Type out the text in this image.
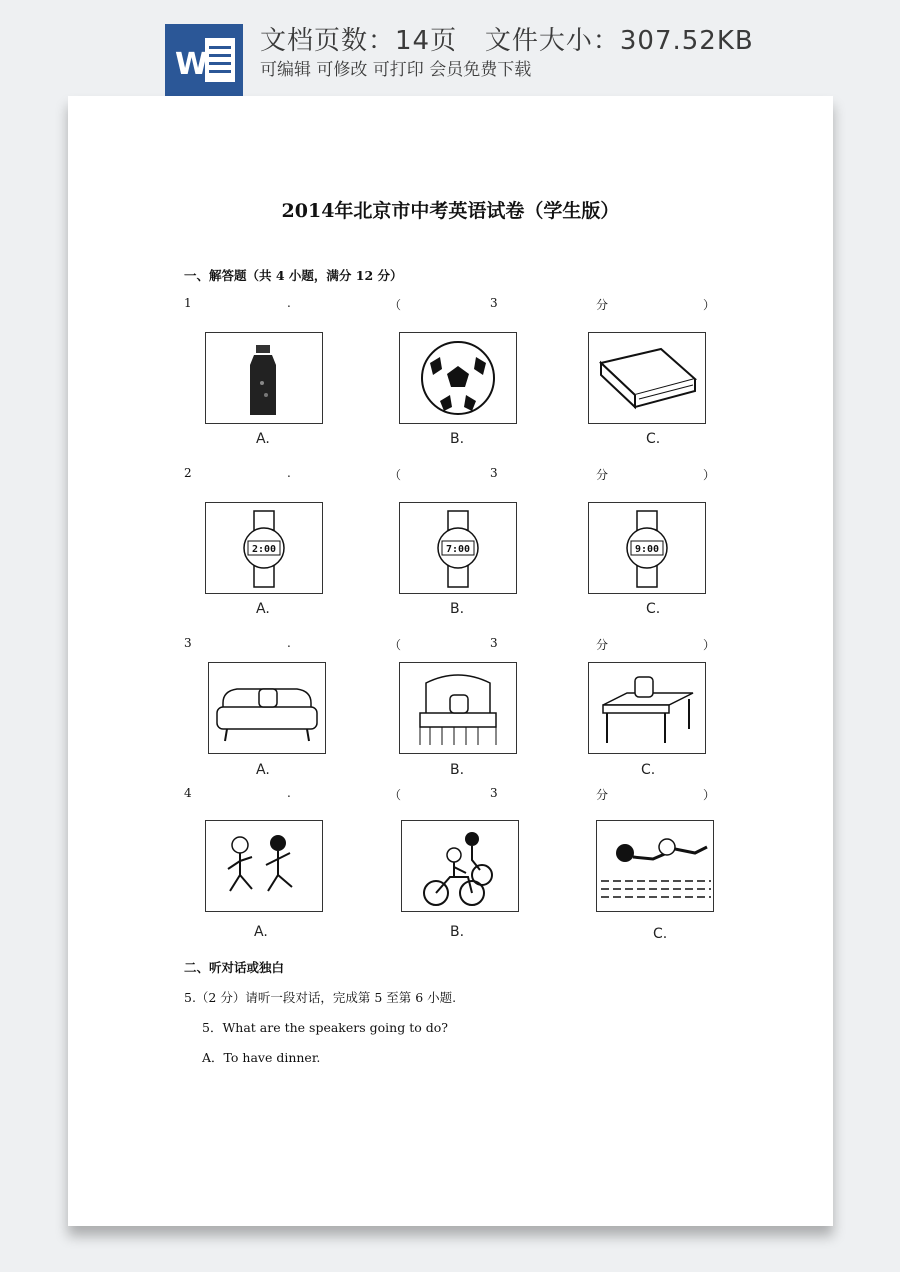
W
文档页数：14页   文件大小：307.52KB
可编辑 可修改 可打印 会员免费下载
2014年北京市中考英语试卷（学生版）
一、解答题（共 4 小题，满分 12 分）
1	.	（	3	分	）
A.	B.	C.
2	.	（	3	分	）
2:00
A.
7:00
B.
9:00
C.
3	.	（	3	分	）
A.	B.	C.
4	.	（	3	分	）
A.	B.	C.
二、听对话或独白
5.（2 分）请听一段对话，完成第 5 至第 6 小题.
5．What are the speakers going to do?
A．To have dinner.
